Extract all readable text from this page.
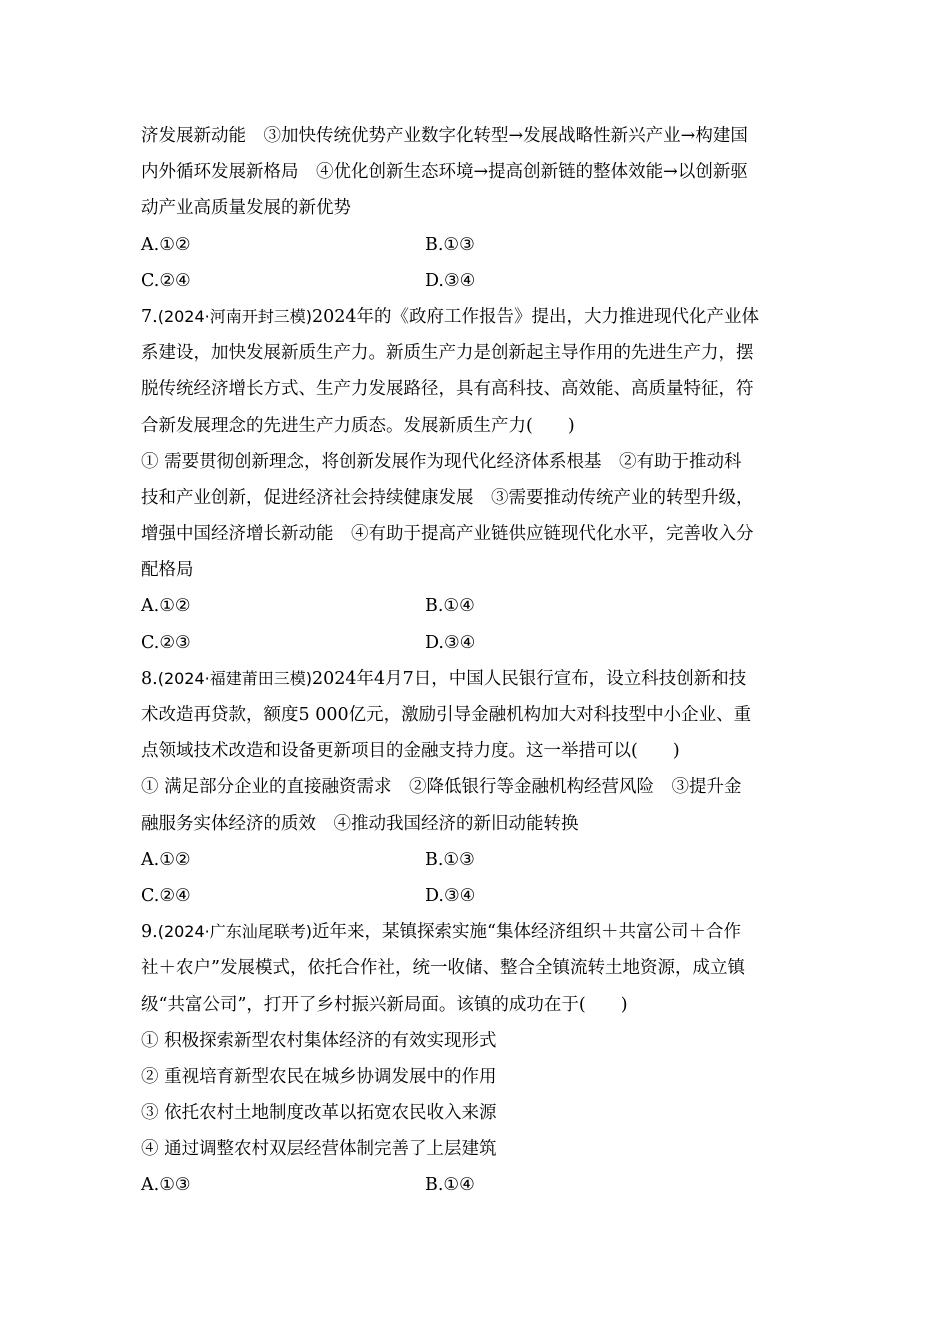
济发展新动能　③加快传统优势产业数字化转型→发展战略性新兴产业→构建国
内外循环发展新格局　④优化创新生态环境→提高创新链的整体效能→以创新驱
动产业高质量发展的新优势
A.①②	B.①③
C.②④	D.③④
7.(2024·河南开封三模)2024年的《政府工作报告》提出，大力推进现代化产业体
系建设，加快发展新质生产力。新质生产力是创新起主导作用的先进生产力，摆
脱传统经济增长方式、生产力发展路径，具有高科技、高效能、高质量特征，符
合新发展理念的先进生产力质态。发展新质生产力(　　)
① 需要贯彻创新理念，将创新发展作为现代化经济体系根基　②有助于推动科
技和产业创新，促进经济社会持续健康发展　③需要推动传统产业的转型升级，
增强中国经济增长新动能　④有助于提高产业链供应链现代化水平，完善收入分
配格局
A.①②	B.①④
C.②③	D.③④
8.(2024·福建莆田三模)2024年4月7日，中国人民银行宣布，设立科技创新和技
术改造再贷款，额度5 000亿元，激励引导金融机构加大对科技型中小企业、重
点领域技术改造和设备更新项目的金融支持力度。这一举措可以(　　)
① 满足部分企业的直接融资需求　②降低银行等金融机构经营风险　③提升金
融服务实体经济的质效　④推动我国经济的新旧动能转换
A.①②	B.①③
C.②④	D.③④
9.(2024·广东汕尾联考)近年来，某镇探索实施“集体经济组织＋共富公司＋合作
社＋农户”发展模式，依托合作社，统一收储、整合全镇流转土地资源，成立镇
级“共富公司”，打开了乡村振兴新局面。该镇的成功在于(　　)
① 积极探索新型农村集体经济的有效实现形式
② 重视培育新型农民在城乡协调发展中的作用
③ 依托农村土地制度改革以拓宽农民收入来源
④ 通过调整农村双层经营体制完善了上层建筑
A.①③	B.①④
